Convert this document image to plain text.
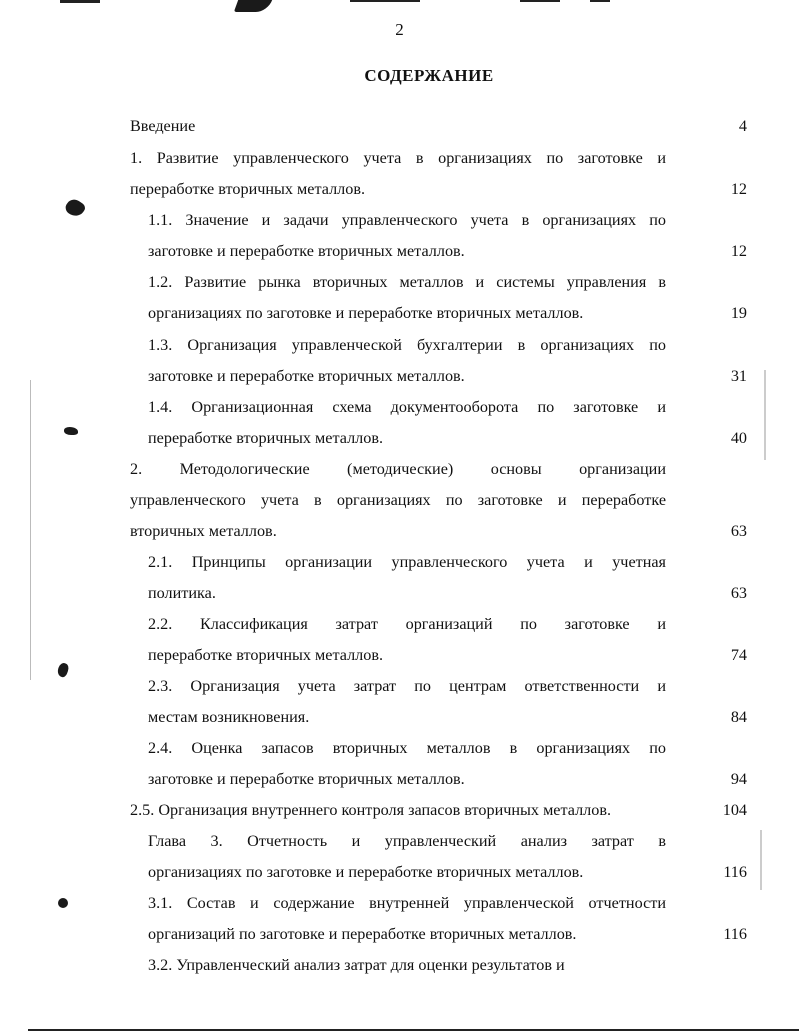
2
СОДЕРЖАНИЕ
Введение	4
1. Развитие управленческого учета в организациях по заготовке и
переработке вторичных металлов.	12
1.1. Значение и задачи управленческого учета в организациях по
заготовке и переработке вторичных металлов.	12
1.2. Развитие рынка вторичных металлов и системы управления в
организациях по заготовке и переработке вторичных металлов.	19
1.3. Организация управленческой бухгалтерии в организациях по
заготовке и переработке вторичных металлов.	31
1.4. Организационная схема документооборота по заготовке и
переработке вторичных металлов.	40
2. Методологические (методические) основы организации
управленческого учета в организациях по заготовке и переработке
вторичных металлов.	63
2.1. Принципы организации управленческого учета и учетная
политика.	63
2.2. Классификация затрат организаций по заготовке и
переработке вторичных металлов.	74
2.3. Организация учета затрат по центрам ответственности и
местам возникновения.	84
2.4. Оценка запасов вторичных металлов в организациях по
заготовке и переработке вторичных металлов.	94
2.5. Организация внутреннего контроля запасов вторичных металлов.	104
Глава 3. Отчетность и управленческий анализ затрат в
организациях по заготовке и переработке вторичных металлов.	116
3.1. Состав и содержание внутренней управленческой отчетности
организаций по заготовке и переработке вторичных металлов.	116
3.2. Управленческий анализ затрат для оценки результатов и
